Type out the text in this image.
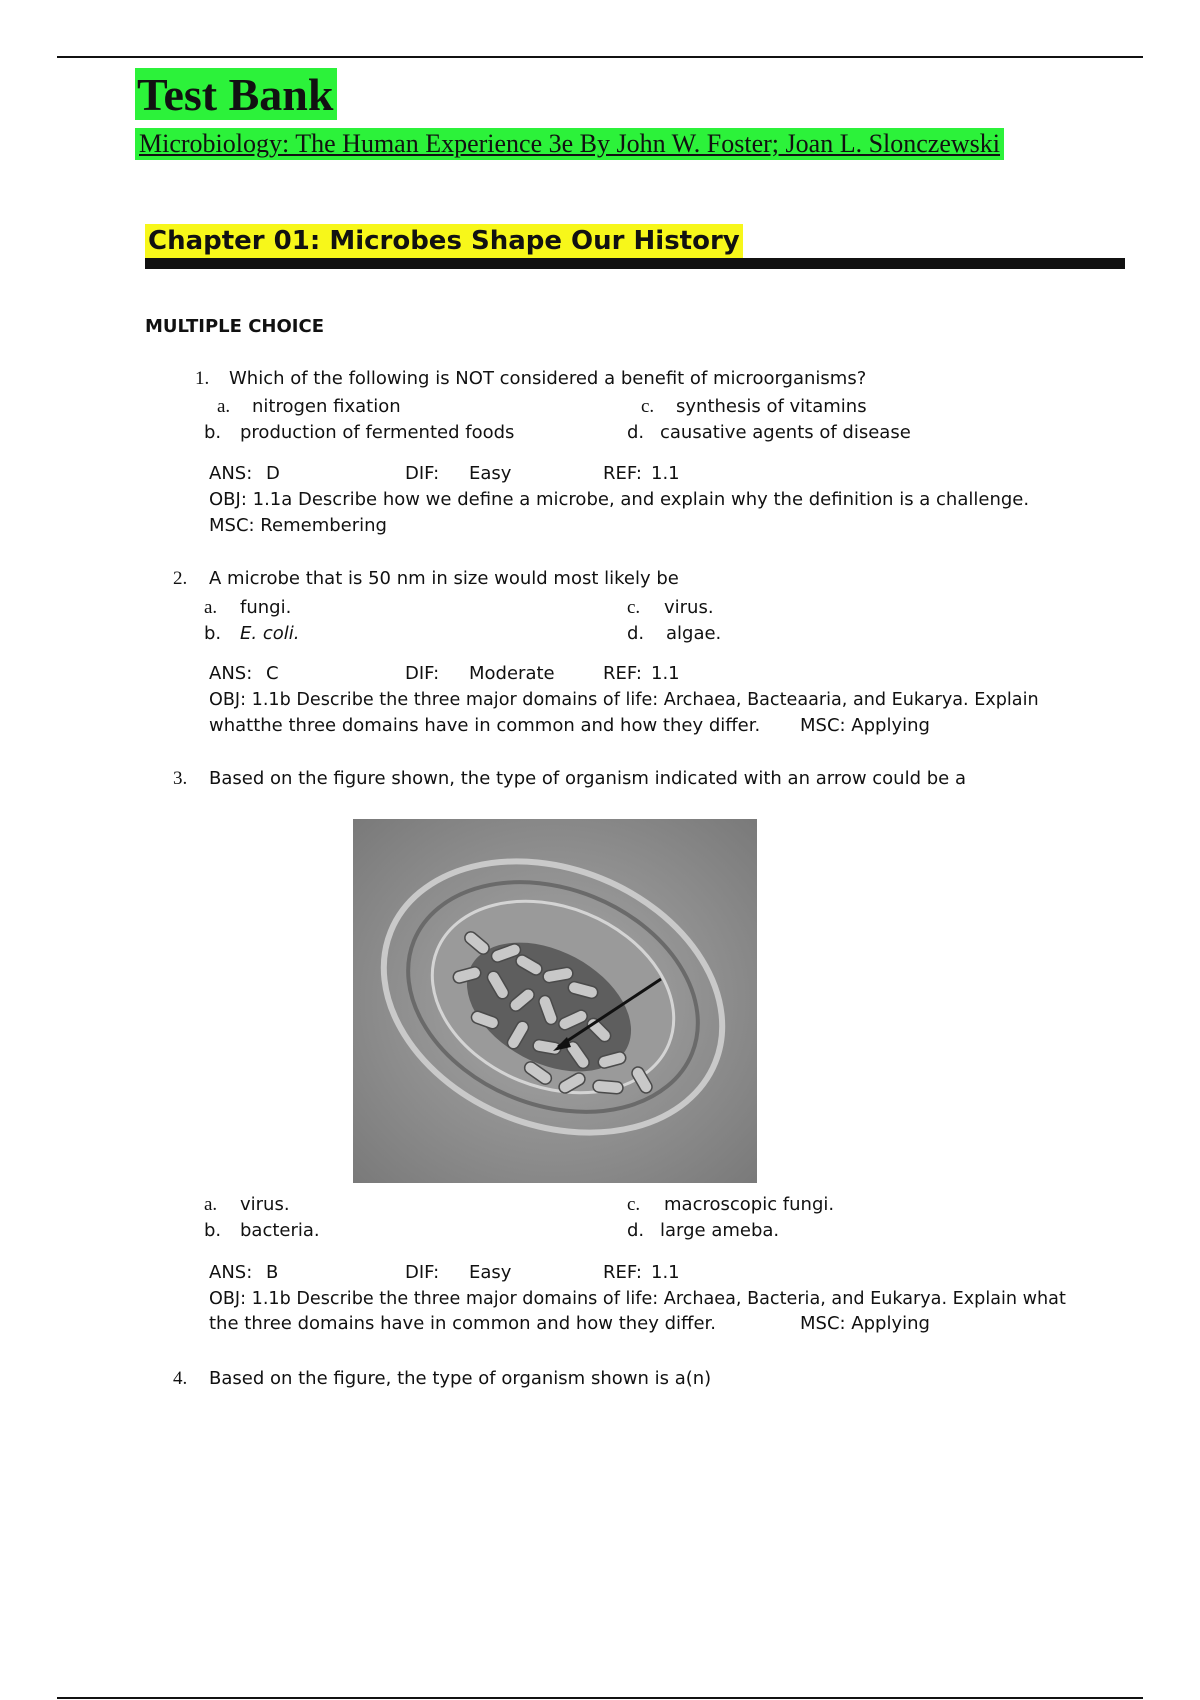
Test Bank
Microbiology: The Human Experience 3e By John W. Foster; Joan L. Slonczewski
Chapter 01: Microbes Shape Our History
MULTIPLE CHOICE
1. Which of the following is NOT considered a benefit of microorganisms?
a. nitrogen fixation
b. production of fermented foods
c. synthesis of vitamins
d. causative agents of disease
ANS: D	DIF: Easy	REF: 1.1
OBJ: 1.1a Describe how we define a microbe, and explain why the definition is a challenge.
MSC: Remembering
2. A microbe that is 50 nm in size would most likely be
a. fungi.
b. E. coli.
c. virus.
d. algae.
ANS: C	DIF: Moderate	REF: 1.1
OBJ: 1.1b Describe the three major domains of life: Archaea, Bacteaaria, and Eukarya. Explain
whatthe three domains have in common and how they differ. MSC: Applying
3. Based on the figure shown, the type of organism indicated with an arrow could be a
a. virus.
b. bacteria.
c. macroscopic fungi.
d. large ameba.
ANS: B	DIF: Easy	REF: 1.1
OBJ: 1.1b Describe the three major domains of life: Archaea, Bacteria, and Eukarya. Explain what
the three domains have in common and how they differ.	MSC: Applying
4. Based on the figure, the type of organism shown is a(n)
